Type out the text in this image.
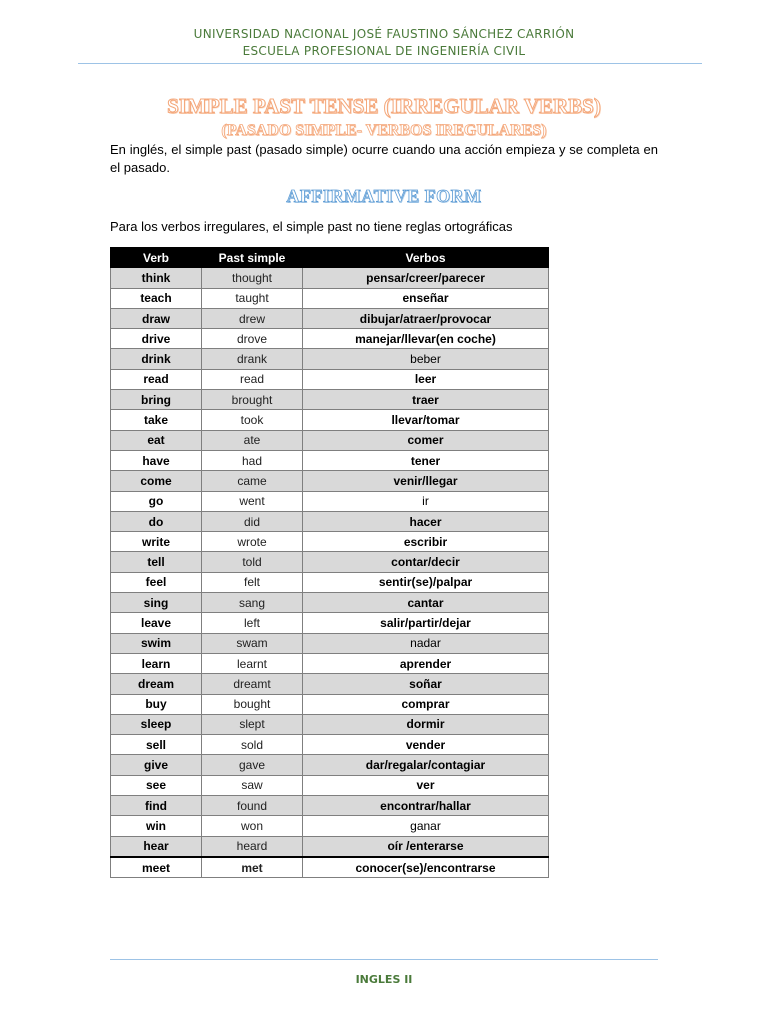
UNIVERSIDAD NACIONAL JOSÉ FAUSTINO SÁNCHEZ CARRIÓN
ESCUELA PROFESIONAL DE INGENIERÍA CIVIL
SIMPLE PAST TENSE (IRREGULAR VERBS)
(PASADO SIMPLE- VERBOS IREGULARES)
En inglés, el simple past (pasado simple) ocurre cuando una acción empieza y se completa en el pasado.
AFFIRMATIVE FORM
Para los verbos irregulares, el simple past no tiene reglas ortográficas
Verb	Past simple	Verbos
think	thought	pensar/creer/parecer
teach	taught	enseñar
draw	drew	dibujar/atraer/provocar
drive	drove	manejar/llevar(en coche)
drink	drank	beber
read	read	leer
bring	brought	traer
take	took	llevar/tomar
eat	ate	comer
have	had	tener
come	came	venir/llegar
go	went	ir
do	did	hacer
write	wrote	escribir
tell	told	contar/decir
feel	felt	sentir(se)/palpar
sing	sang	cantar
leave	left	salir/partir/dejar
swim	swam	nadar
learn	learnt	aprender
dream	dreamt	soñar
buy	bought	comprar
sleep	slept	dormir
sell	sold	vender
give	gave	dar/regalar/contagiar
see	saw	ver
find	found	encontrar/hallar
win	won	ganar
hear	heard	oír /enterarse
meet	met	conocer(se)/encontrarse
INGLES II
